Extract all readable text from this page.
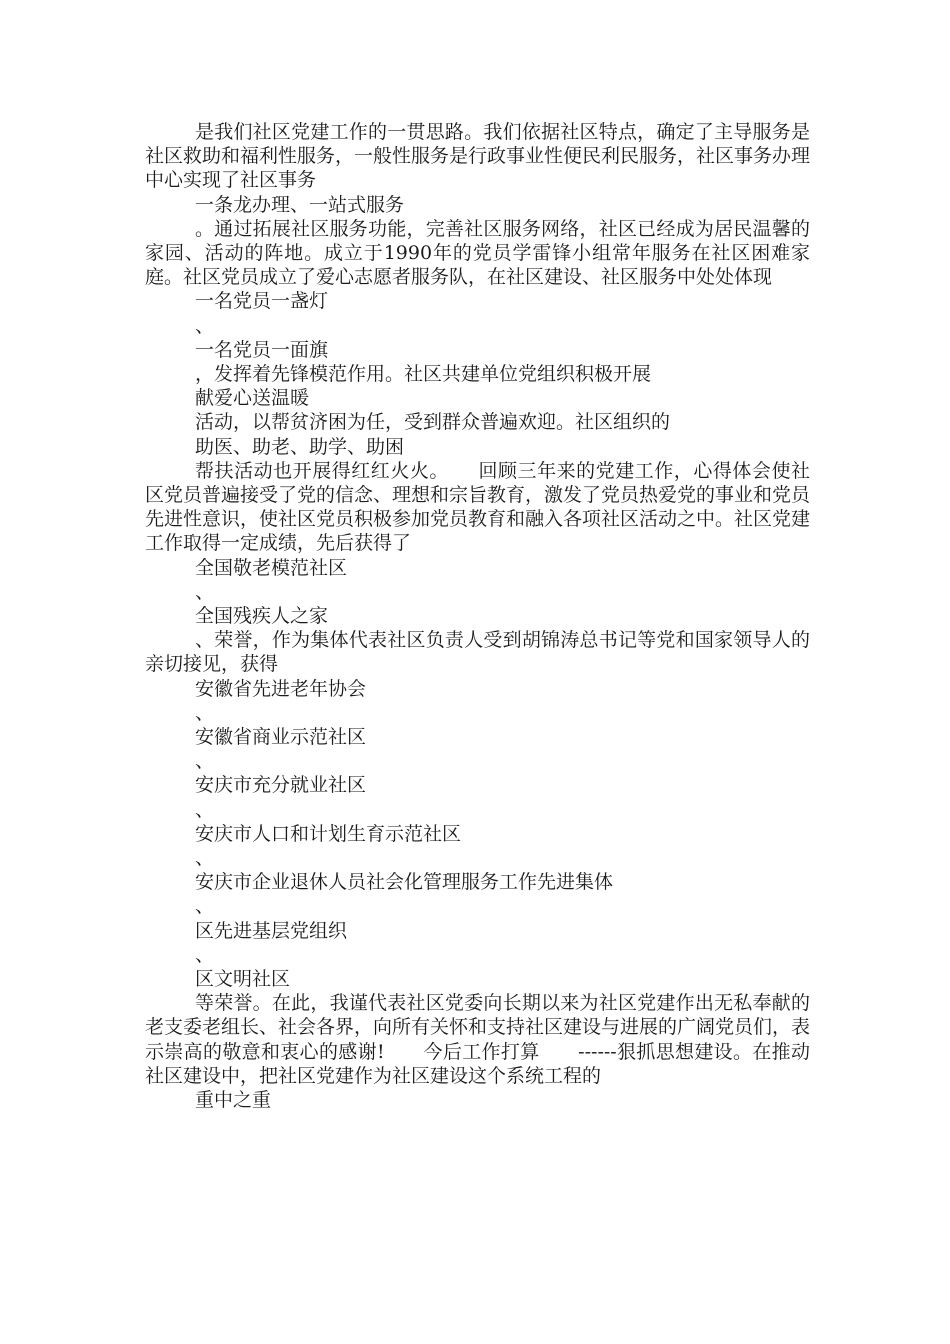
是我们社区党建工作的一贯思路。我们依据社区特点，确定了主导服务是社区救助和福利性服务，一般性服务是行政事业性便民利民服务，社区事务办理中心实现了社区事务

一条龙办理、一站式服务

。通过拓展社区服务功能，完善社区服务网络，社区已经成为居民温馨的家园、活动的阵地。成立于1990年的党员学雷锋小组常年服务在社区困难家庭。社区党员成立了爱心志愿者服务队，在社区建设、社区服务中处处体现

一名党员一盏灯

、

一名党员一面旗

，发挥着先锋模范作用。社区共建单位党组织积极开展

献爱心送温暖

活动，以帮贫济困为任，受到群众普遍欢迎。社区组织的

助医、助老、助学、助困

帮扶活动也开展得红红火火。　　回顾三年来的党建工作，心得体会使社区党员普遍接受了党的信念、理想和宗旨教育，激发了党员热爱党的事业和党员先进性意识，使社区党员积极参加党员教育和融入各项社区活动之中。社区党建工作取得一定成绩，先后获得了

全国敬老模范社区

、

全国残疾人之家

、荣誉，作为集体代表社区负责人受到胡锦涛总书记等党和国家领导人的亲切接见，获得

安徽省先进老年协会

、

安徽省商业示范社区

、

安庆市充分就业社区

、

安庆市人口和计划生育示范社区

、

安庆市企业退休人员社会化管理服务工作先进集体

、

区先进基层党组织

、

区文明社区

等荣誉。在此，我谨代表社区党委向长期以来为社区党建作出无私奉献的老支委老组长、社会各界，向所有关怀和支持社区建设与进展的广阔党员们，表示崇高的敬意和衷心的感谢!　　今后工作打算　　------狠抓思想建设。在推动社区建设中，把社区党建作为社区建设这个系统工程的

重中之重
